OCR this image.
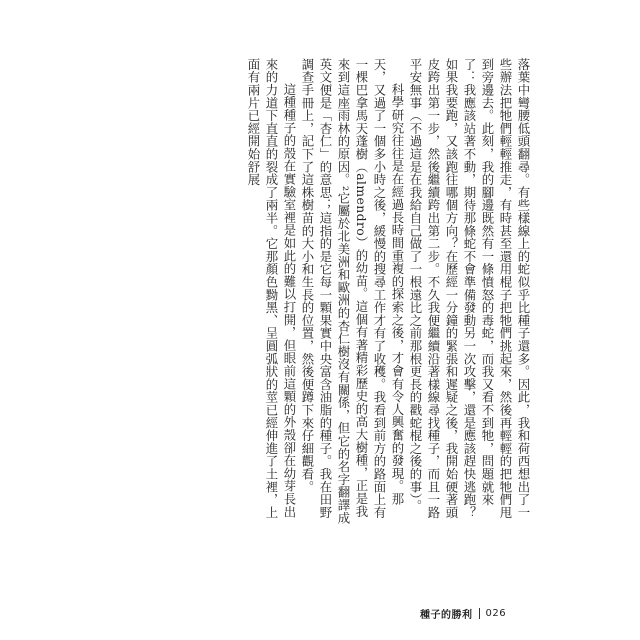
落葉中彎腰低頭翻尋。有些樣線上的蛇似乎比種子還多。因此，我和荷西想出了一些辦法把牠們輕輕推走，有時甚至還用棍子把牠們挑起來，然後再輕輕的把牠們甩到旁邊去。此刻，我的腳邊既然有一條憤怒的毒蛇，而我又看不到牠，問題就來了：我應該站著不動，期待那條蛇不會準備發動另一次攻擊，還是應該趕快逃跑？如果我要跑，又該跑往哪個方向？在歷經一分鐘的緊張和遲疑之後，我開始硬著頭皮跨出第一步，然後繼續跨出第二步。不久我便繼續沿著樣線尋找種子，而且一路平安無事（不過這是在我給自己做了一根遠比之前那根更長的戳蛇棍之後的事）。

科學研究往往是在經過長時間重複的探索之後，才會有令人興奮的發現。那天，又過了一個多小時之後，緩慢的搜尋工作才有了收穫。我看到前方的路面上有一棵巴拿馬天蓬樹（almendro）的幼苗。這個有著精彩歷史的高大樹種，正是我來到這座雨林的原因。²它屬於北美洲和歐洲的杏仁樹沒有關係，但它的名字翻譯成英文便是「杏仁」的意思；這指的是它每一顆果實中央富含油脂的種子。我在田野調查手冊上，記下了這株樹苗的大小和生長的位置，然後便蹲下來仔細觀看。

這種種子的殼在實驗室裡是如此的難以打開，但眼前這顆的外殼卻在幼芽長出來的力道下直直的裂成了兩半。它那顏色黝黑、呈圓弧狀的莖已經伸進了土裡，上面有兩片已經開始舒展

種子的勝利 026
